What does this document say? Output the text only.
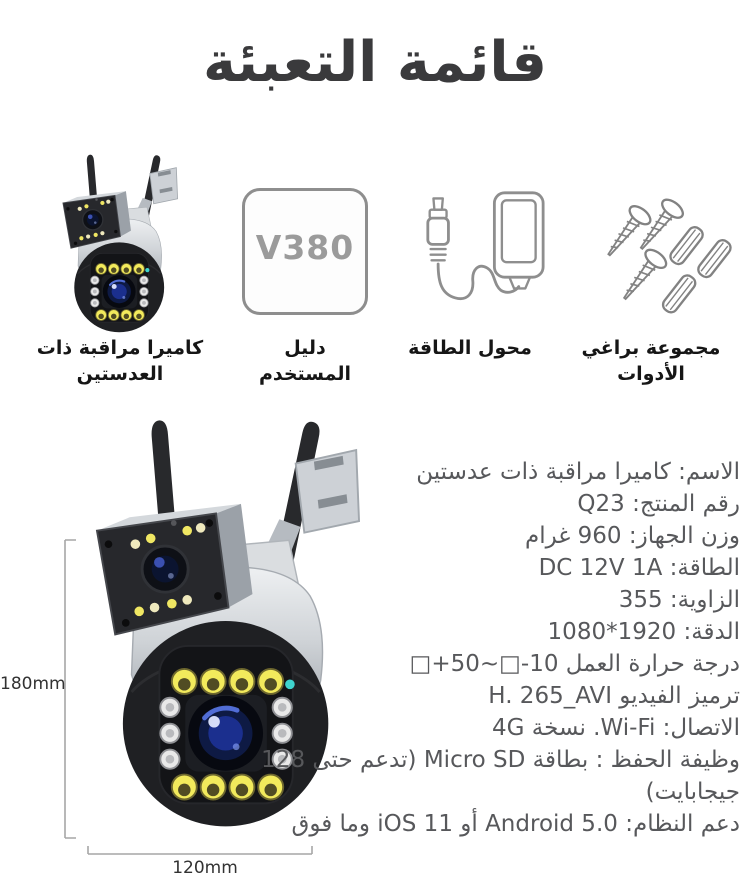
قائمة التعبئة
V380
كاميرا مراقبة ذات العدستين
دليل المستخدم
محول الطاقة	مجموعة براغي الأدوات
180mm
120mm
الاسم: كاميرا مراقبة ذات عدستين
رقم المنتج: Q23
وزن الجهاز: 960 غرام
الطاقة: DC 12V 1A
الزاوية: 355
الدقة: 1920*1080
درجة حرارة العمل 10-□~50+□
ترميز الفيديو H. 265_AVI
الاتصال: Wi-Fi. نسخة 4G
وظيفة الحفظ : بطاقة Micro SD (تدعم حتى 128
جيجابايت)
دعم النظام: Android 5.0 أو iOS 11 وما فوق
